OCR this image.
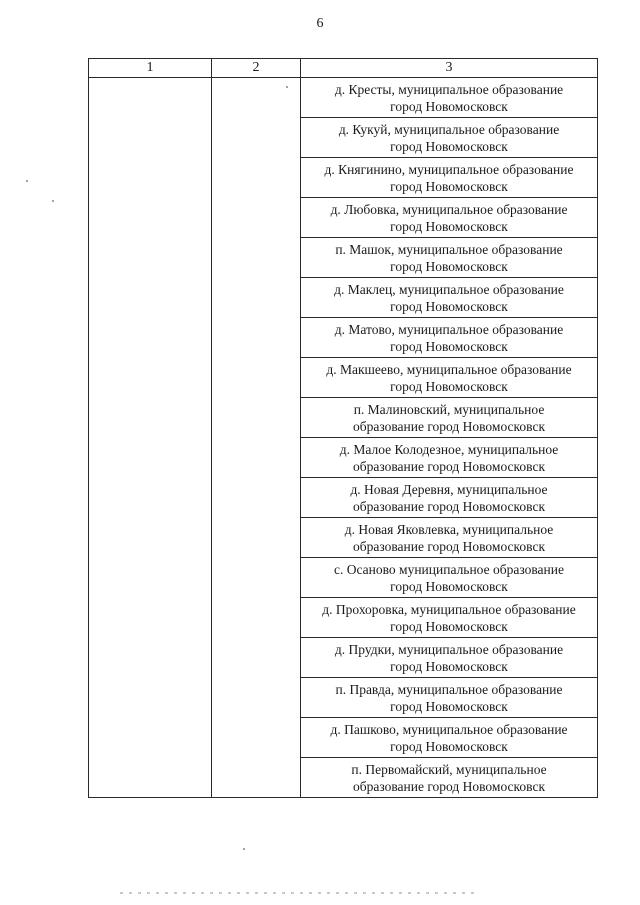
6
1	2	3

		д. Кресты, муниципальное образование
город Новомосковск

		д. Кукуй, муниципальное образование
город Новомосковск

		д. Княгинино, муниципальное образование
город Новомосковск

		д. Любовка, муниципальное образование
город Новомосковск

		п. Машок, муниципальное образование
город Новомосковск

		д. Маклец, муниципальное образование
город Новомосковск

		д. Матово, муниципальное образование
город Новомосковск

		д. Макшеево, муниципальное образование
город Новомосковск

		п. Малиновский, муниципальное
образование город Новомосковск

		д. Малое Колодезное, муниципальное
образование город Новомосковск

		д. Новая Деревня, муниципальное
образование город Новомосковск

		д. Новая Яковлевка, муниципальное
образование город Новомосковск

		с. Осаново муниципальное образование
город Новомосковск

		д. Прохоровка, муниципальное образование
город Новомосковск

		д. Прудки, муниципальное образование
город Новомосковск

		п. Правда, муниципальное образование
город Новомосковск

		д. Пашково, муниципальное образование
город Новомосковск

		п. Первомайский, муниципальное
образование город Новомосковск
